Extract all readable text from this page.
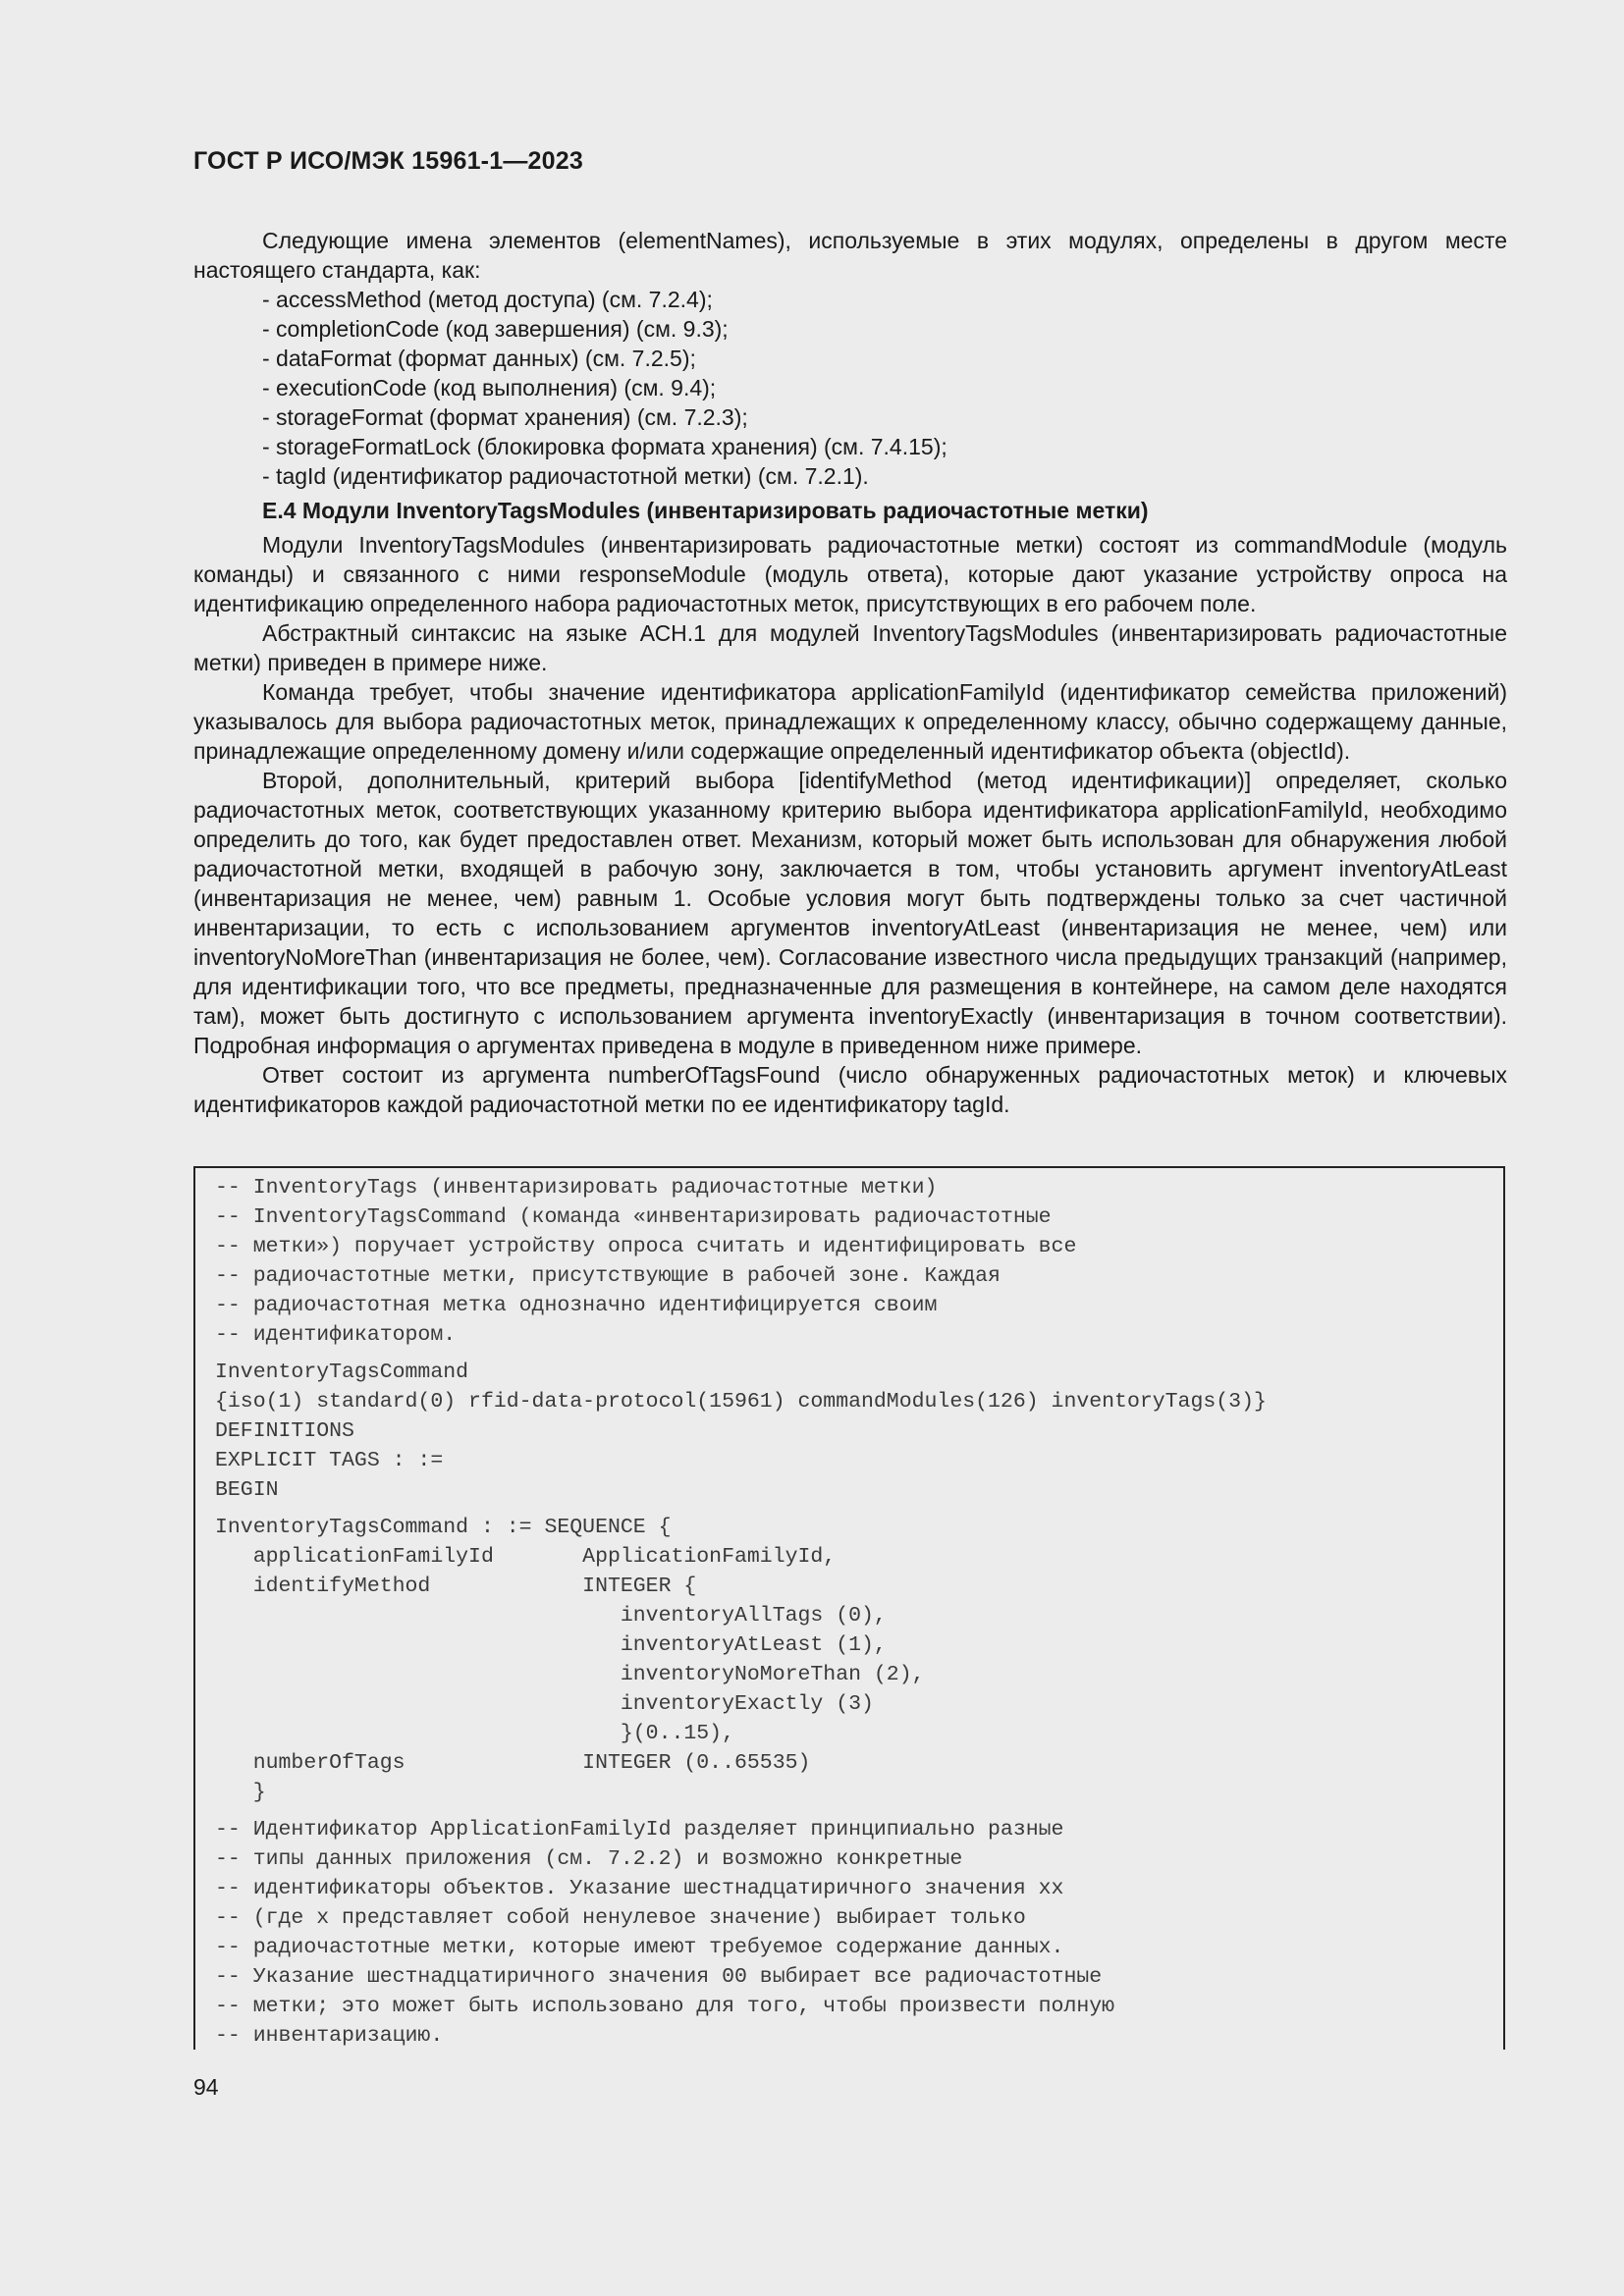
ГОСТ Р ИСО/МЭК 15961-1—2023

Следующие имена элементов (elementNames), используемые в этих модулях, определены в другом месте настоящего стандарта, как:

- accessMethod (метод доступа) (см. 7.2.4);
- completionCode (код завершения) (см. 9.3);
- dataFormat (формат данных) (см. 7.2.5);
- executionCode (код выполнения) (см. 9.4);
- storageFormat (формат хранения) (см. 7.2.3);
- storageFormatLock (блокировка формата хранения) (см. 7.4.15);
- tagId (идентификатор радиочастотной метки) (см. 7.2.1).
E.4 Модули InventoryTagsModules (инвентаризировать радиочастотные метки)

Модули InventoryTagsModules (инвентаризировать радиочастотные метки) состоят из commandModule (модуль команды) и связанного с ними responseModule (модуль ответа), которые дают указание устройству опроса на идентификацию определенного набора радиочастотных меток, присутствующих в его рабочем поле.

Абстрактный синтаксис на языке АСН.1 для модулей InventoryTagsModules (инвентаризировать радиочастотные метки) приведен в примере ниже.

Команда требует, чтобы значение идентификатора applicationFamilyId (идентификатор семейства приложений) указывалось для выбора радиочастотных меток, принадлежащих к определенному классу, обычно содержащему данные, принадлежащие определенному домену и/или содержащие определенный идентификатор объекта (objectId).

Второй, дополнительный, критерий выбора [identifyMethod (метод идентификации)] определяет, сколько радиочастотных меток, соответствующих указанному критерию выбора идентификатора applicationFamilyId, необходимо определить до того, как будет предоставлен ответ. Механизм, который может быть использован для обнаружения любой радиочастотной метки, входящей в рабочую зону, заключается в том, чтобы установить аргумент inventoryAtLeast (инвентаризация не менее, чем) равным 1. Особые условия могут быть подтверждены только за счет частичной инвентаризации, то есть с использованием аргументов inventoryAtLeast (инвентаризация не менее, чем) или inventoryNoMoreThan (инвентаризация не более, чем). Согласование известного числа предыдущих транзакций (например, для идентификации того, что все предметы, предназначенные для размещения в контейнере, на самом деле находятся там), может быть достигнуто с использованием аргумента inventoryExactly (инвентаризация в точном соответствии). Подробная информация о аргументах приведена в модуле в приведенном ниже примере.

Ответ состоит из аргумента numberOfTagsFound (число обнаруженных радиочастотных меток) и ключевых идентификаторов каждой радиочастотной метки по ее идентификатору tagId.

-- InventoryTags (инвентаризировать радиочастотные метки)
-- InventoryTagsCommand (команда «инвентаризировать радиочастотные
-- метки») поручает устройству опроса считать и идентифицировать все
-- радиочастотные метки, присутствующие в рабочей зоне. Каждая
-- радиочастотная метка однозначно идентифицируется своим
-- идентификатором.
InventoryTagsCommand
{iso(1) standard(0) rfid-data-protocol(15961) commandModules(126) inventoryTags(3)}
DEFINITIONS
EXPLICIT TAGS : :=
BEGIN
InventoryTagsCommand : := SEQUENCE {
applicationFamilyId       ApplicationFamilyId,
identifyMethod            INTEGER {
inventoryAllTags (0),
inventoryAtLeast (1),
inventoryNoMoreThan (2),
inventoryExactly (3)
}(0..15),
numberOfTags              INTEGER (0..65535)
}
-- Идентификатор ApplicationFamilyId разделяет принципиально разные
-- типы данных приложения (см. 7.2.2) и возможно конкретные
-- идентификаторы объектов. Указание шестнадцатиричного значения хх
-- (где х представляет собой ненулевое значение) выбирает только
-- радиочастотные метки, которые имеют требуемое содержание данных.
-- Указание шестнадцатиричного значения 00 выбирает все радиочастотные
-- метки; это может быть использовано для того, чтобы произвести полную
-- инвентаризацию.
94
